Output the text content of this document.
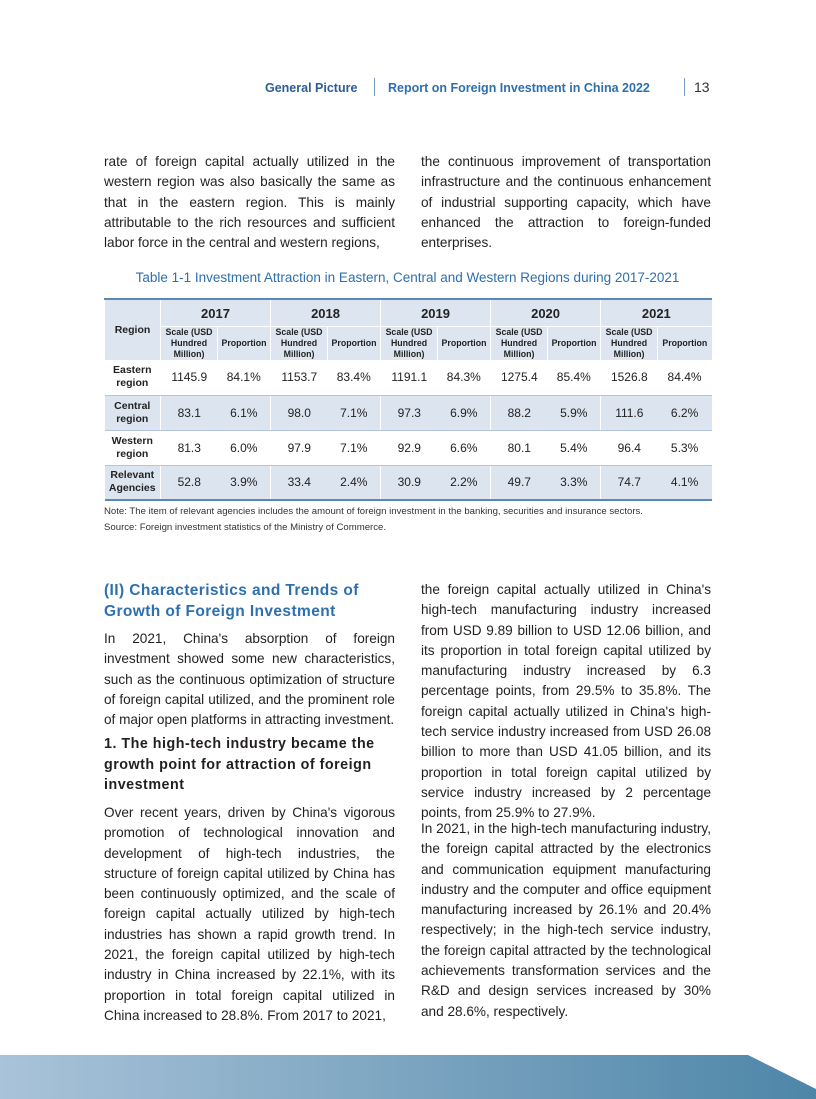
General Picture Report on Foreign Investment in China 2022	13

rate of foreign capital actually utilized in the western region was also basically the same as that in the eastern region. This is mainly attributable to the rich resources and sufficient labor force in the central and western regions,

the continuous improvement of transportation infrastructure and the continuous enhancement of industrial supporting capacity, which have enhanced the attraction to foreign-funded enterprises.

Table 1-1 Investment Attraction in Eastern, Central and Western Regions during 2017-2021
Region	2017		2018		2019		2020		2021	
	Scale (USD Hundred Million)	Proportion	Scale (USD Hundred Million)	Proportion	Scale (USD Hundred Million)	Proportion	Scale (USD Hundred Million)	Proportion	Scale (USD Hundred Million)	Proportion
Eastern region	1145.9	84.1%	1153.7	83.4%	1191.1	84.3%	1275.4	85.4%	1526.8	84.4%
Central region	83.1	6.1%	98.0	7.1%	97.3	6.9%	88.2	5.9%	111.6	6.2%
Western region	81.3	6.0%	97.9	7.1%	92.9	6.6%	80.1	5.4%	96.4	5.3%
Relevant Agencies	52.8	3.9%	33.4	2.4%	30.9	2.2%	49.7	3.3%	74.7	4.1%

Note: The item of relevant agencies includes the amount of foreign investment in the banking, securities and insurance sectors.

Source: Foreign investment statistics of the Ministry of Commerce.

(II) Characteristics and Trends of Growth of Foreign Investment

In 2021, China's absorption of foreign investment showed some new characteristics, such as the continuous optimization of structure of foreign capital utilized, and the prominent role of major open platforms in attracting investment.

1. The high-tech industry became the growth point for attraction of foreign investment

Over recent years, driven by China's vigorous promotion of technological innovation and development of high-tech industries, the structure of foreign capital utilized by China has been continuously optimized, and the scale of foreign capital actually utilized by high-tech industries has shown a rapid growth trend. In 2021, the foreign capital utilized by high-tech industry in China increased by 22.1%, with its proportion in total foreign capital utilized in China increased to 28.8%. From 2017 to 2021,

the foreign capital actually utilized in China's high-tech manufacturing industry increased from USD 9.89 billion to USD 12.06 billion, and its proportion in total foreign capital utilized by manufacturing industry increased by 6.3 percentage points, from 29.5% to 35.8%. The foreign capital actually utilized in China's high-tech service industry increased from USD 26.08 billion to more than USD 41.05 billion, and its proportion in total foreign capital utilized by service industry increased by 2 percentage points, from 25.9% to 27.9%.

In 2021, in the high-tech manufacturing industry, the foreign capital attracted by the electronics and communication equipment manufacturing industry and the computer and office equipment manufacturing increased by 26.1% and 20.4% respectively; in the high-tech service industry, the foreign capital attracted by the technological achievements transformation services and the R&D and design services increased by 30% and 28.6%, respectively.
